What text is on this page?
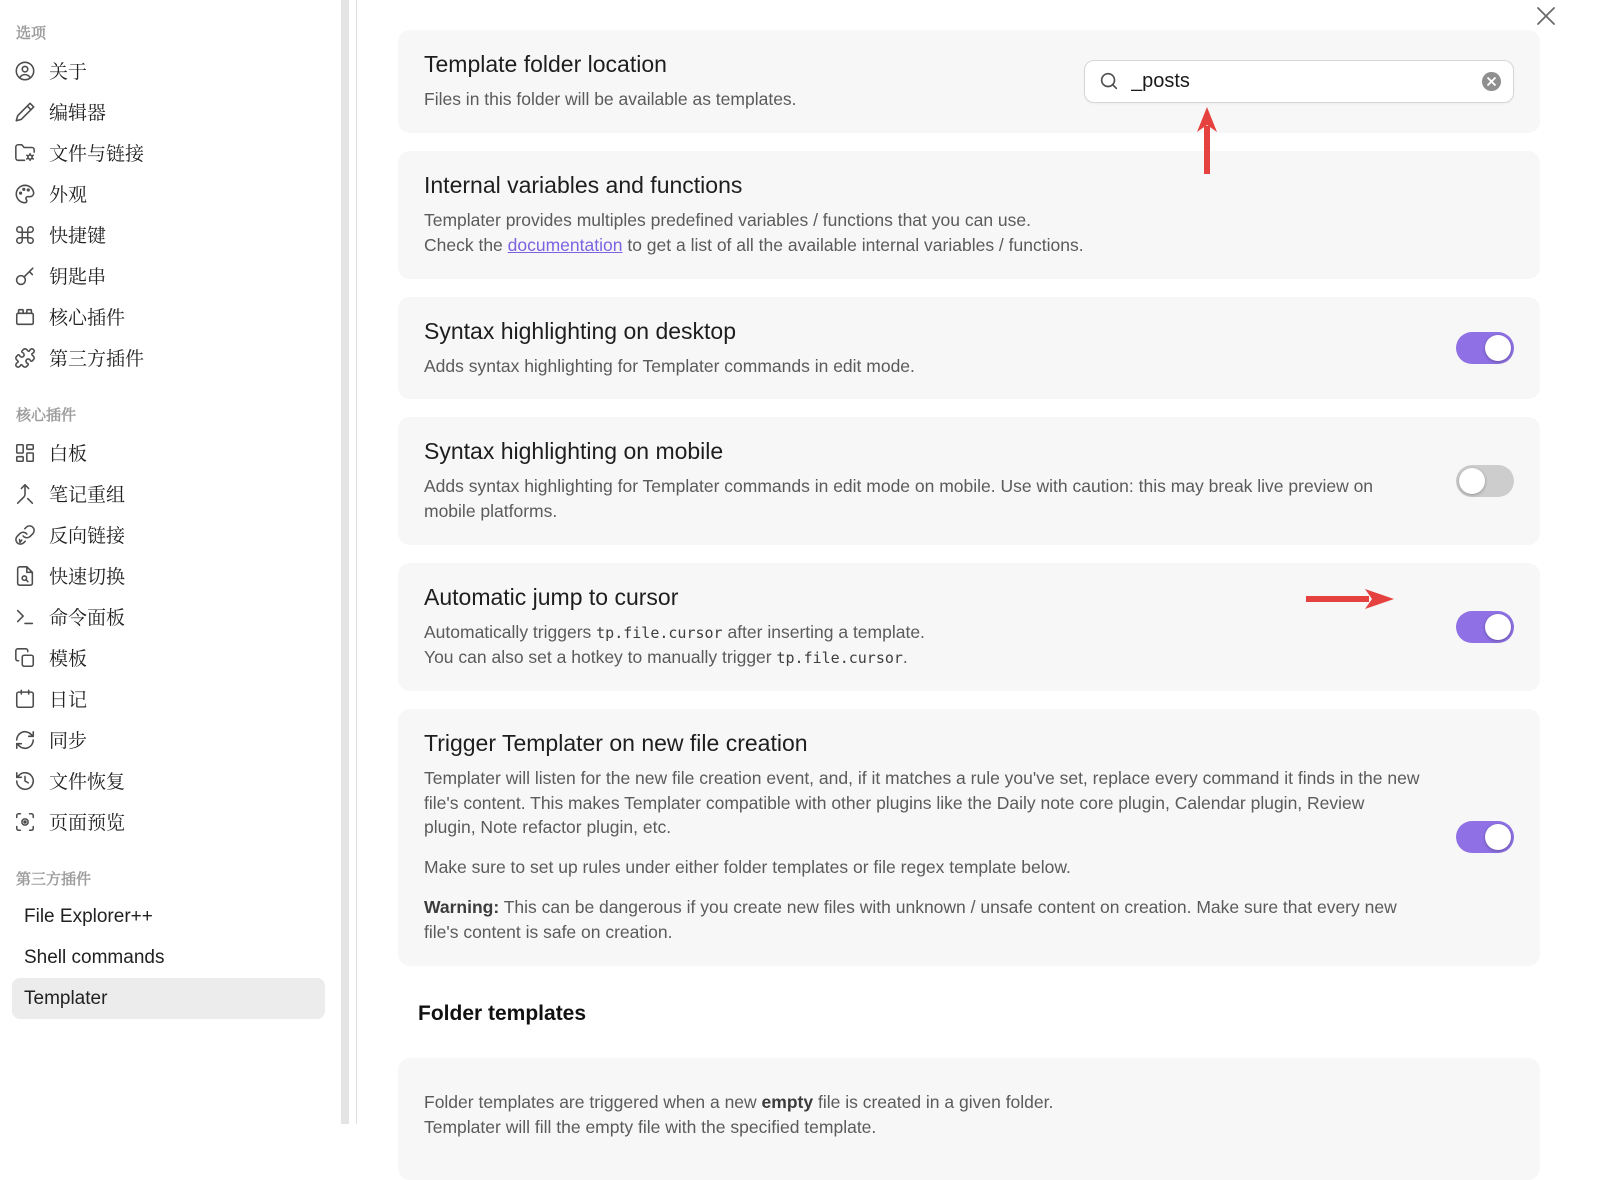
选项
关于
编辑器
文件与链接
外观
快捷键
钥匙串
核心插件
第三方插件
核心插件
白板
笔记重组
反向链接
快速切换
命令面板
模板
日记
同步
文件恢复
页面预览
第三方插件
File Explorer++
Shell commands
Templater
Template folder location
Files in this folder will be available as templates.
_posts
Internal variables and functions
Templater provides multiples predefined variables / functions that you can use.
Check the documentation to get a list of all the available internal variables / functions.
Syntax highlighting on desktop
Adds syntax highlighting for Templater commands in edit mode.
Syntax highlighting on mobile
Adds syntax highlighting for Templater commands in edit mode on mobile. Use with caution: this may break live preview on mobile platforms.
Automatic jump to cursor
Automatically triggers tp.file.cursor after inserting a template.
You can also set a hotkey to manually trigger tp.file.cursor.
Trigger Templater on new file creation

Templater will listen for the new file creation event, and, if it matches a rule you've set, replace every command it finds in the new file's content. This makes Templater compatible with other plugins like the Daily note core plugin, Calendar plugin, Review plugin, Note refactor plugin, etc.

Make sure to set up rules under either folder templates or file regex template below.

Warning: This can be dangerous if you create new files with unknown / unsafe content on creation. Make sure that every new file's content is safe on creation.

Folder templates
Folder templates are triggered when a new empty file is created in a given folder.
Templater will fill the empty file with the specified template.
